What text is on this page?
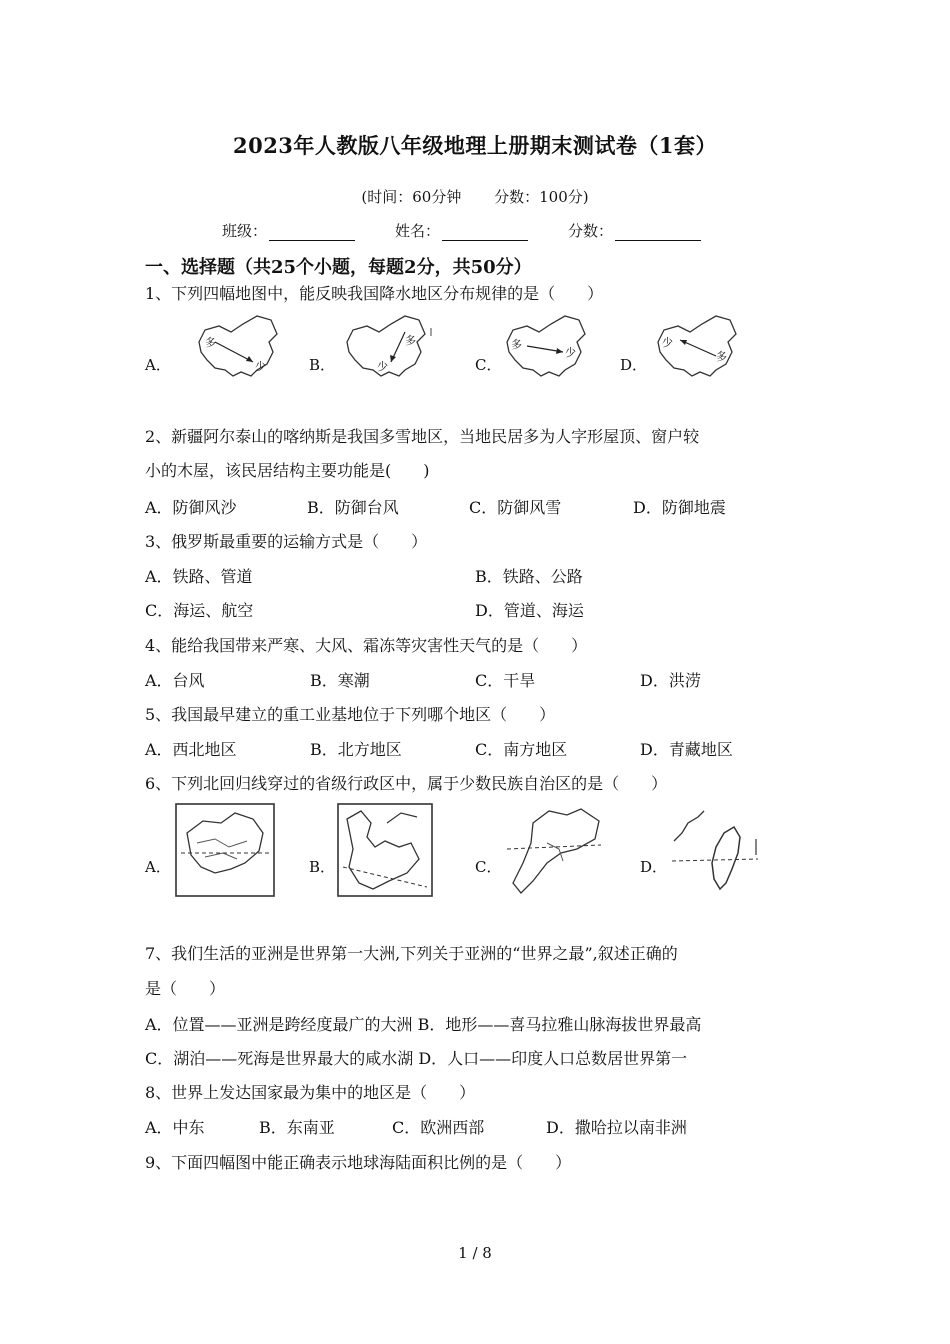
2023年人教版八年级地理上册期末测试卷（1套）
(时间：60分钟 分数：100分)
班级：	姓名：	分数：
一、选择题（共25个小题，每题2分，共50分）
1、下列四幅地图中，能反映我国降水地区分布规律的是（　　）
A．
多
少	B．
多
少	C．
多
少
D．
少
多
2、新疆阿尔泰山的喀纳斯是我国多雪地区，当地民居多为人字形屋顶、窗户较
小的木屋，该民居结构主要功能是(　　)
A．防御风沙	B．防御台风	C．防御风雪	D．防御地震
3、俄罗斯最重要的运输方式是（　　）
A．铁路、管道	B．铁路、公路
C．海运、航空	D．管道、海运
4、能给我国带来严寒、大风、霜冻等灾害性天气的是（　　）
A．台风	B．寒潮	C．干旱	D．洪涝
5、我国最早建立的重工业基地位于下列哪个地区（　　）
A．西北地区	B．北方地区	C．南方地区	D．青藏地区
6、下列北回归线穿过的省级行政区中，属于少数民族自治区的是（　　）
A．	B．	C．	D．
7、我们生活的亚洲是世界第一大洲,下列关于亚洲的“世界之最”,叙述正确的
是（　　）
A．位置——亚洲是跨经度最广的大洲 B．地形——喜马拉雅山脉海拔世界最高
C．湖泊——死海是世界最大的咸水湖 D．人口——印度人口总数居世界第一
8、世界上发达国家最为集中的地区是（　　）
A．中东	B．东南亚	C．欧洲西部	D．撒哈拉以南非洲
9、下面四幅图中能正确表示地球海陆面积比例的是（　　）
1 / 8
